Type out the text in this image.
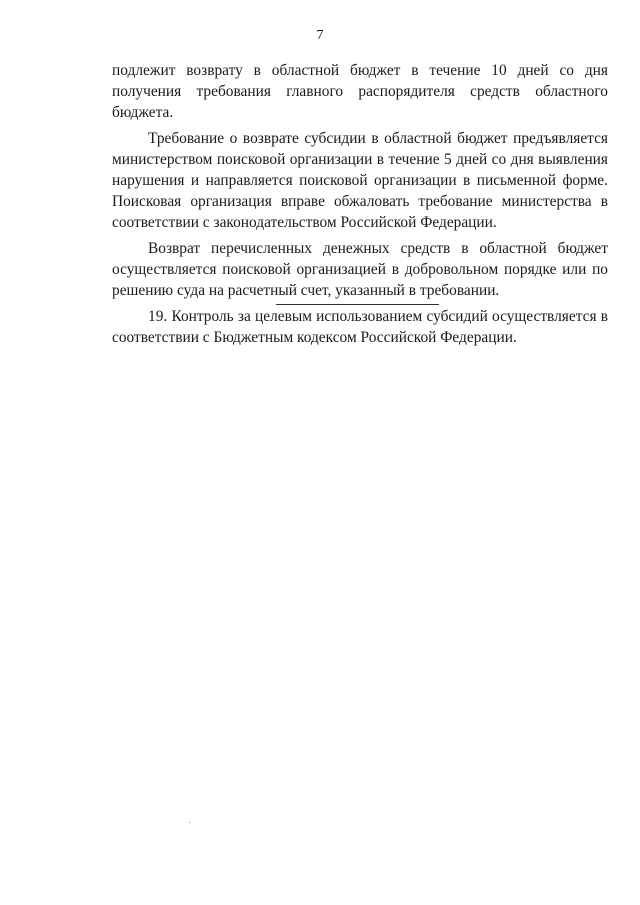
7

подлежит возврату в областной бюджет в течение 10 дней со дня получения требования главного распорядителя средств областного бюджета.

Требование о возврате субсидии в областной бюджет предъявляется министерством поисковой организации в течение 5 дней со дня выявления нарушения и направляется поисковой организации в письменной форме. Поисковая организация вправе обжаловать требование министерства в соответствии с законодательством Российской Федерации.

Возврат перечисленных денежных средств в областной бюджет осуществляется поисковой организацией в добровольном порядке или по решению суда на расчетный счет, указанный в требовании.

19. Контроль за целевым использованием субсидий осуществляется в соответствии с Бюджетным кодексом Российской Федерации.
